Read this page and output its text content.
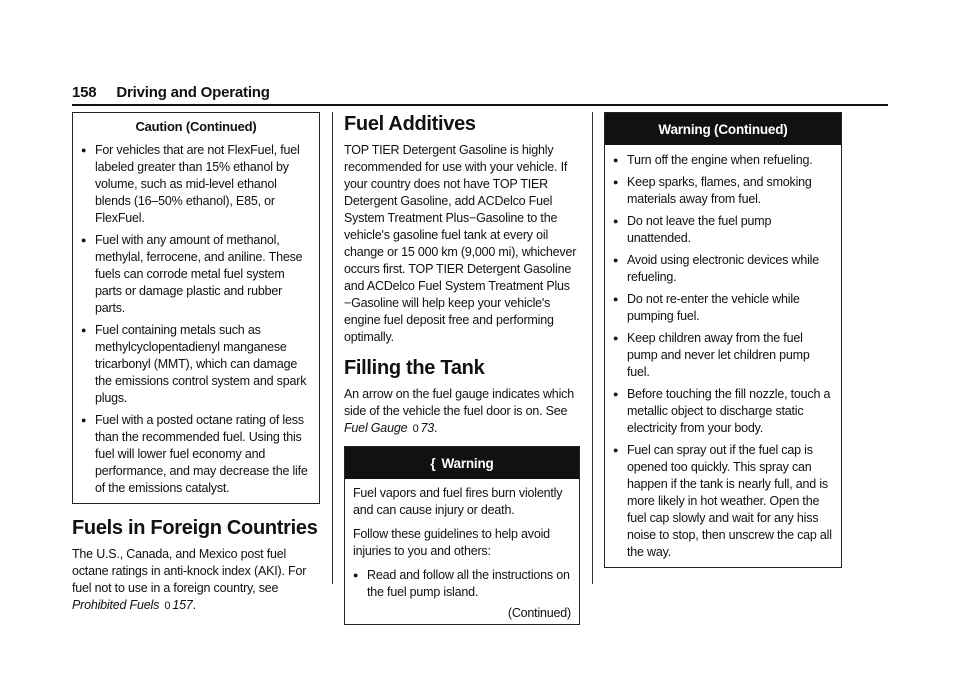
158 Driving and Operating
Caution (Continued)
● For vehicles that are not FlexFuel, fuel labeled greater than 15% ethanol by volume, such as mid-level ethanol blends (16–50% ethanol), E85, or FlexFuel.
● Fuel with any amount of methanol, methylal, ferrocene, and aniline. These fuels can corrode metal fuel system parts or damage plastic and rubber parts.
● Fuel containing metals such as methylcyclopentadienyl manganese tricarbonyl (MMT), which can damage the emissions control system and spark plugs.
● Fuel with a posted octane rating of less than the recommended fuel. Using this fuel will lower fuel economy and performance, and may decrease the life of the emissions catalyst.
Fuels in Foreign Countries

The U.S., Canada, and Mexico post fuel octane ratings in anti-knock index (AKI). For fuel not to use in a foreign country, see Prohibited Fuels 0 157.

Fuel Additives

TOP TIER Detergent Gasoline is highly recommended for use with your vehicle. If your country does not have TOP TIER Detergent Gasoline, add ACDelco Fuel System Treatment Plus−Gasoline to the vehicle's gasoline fuel tank at every oil change or 15 000 km (9,000 mi), whichever occurs first. TOP TIER Detergent Gasoline and ACDelco Fuel System Treatment Plus −Gasoline will help keep your vehicle's engine fuel deposit free and performing optimally.

Filling the Tank

An arrow on the fuel gauge indicates which side of the vehicle the fuel door is on. See Fuel Gauge 0 73.

{ Warning

Fuel vapors and fuel fires burn violently and can cause injury or death.

Follow these guidelines to help avoid injuries to you and others:

● Read and follow all the instructions on the fuel pump island.
(Continued)
Warning (Continued)
● Turn off the engine when refueling.
● Keep sparks, flames, and smoking materials away from fuel.
● Do not leave the fuel pump unattended.
● Avoid using electronic devices while refueling.
● Do not re-enter the vehicle while pumping fuel.
● Keep children away from the fuel pump and never let children pump fuel.
● Before touching the fill nozzle, touch a metallic object to discharge static electricity from your body.
● Fuel can spray out if the fuel cap is opened too quickly. This spray can happen if the tank is nearly full, and is more likely in hot weather. Open the fuel cap slowly and wait for any hiss noise to stop, then unscrew the cap all the way.
